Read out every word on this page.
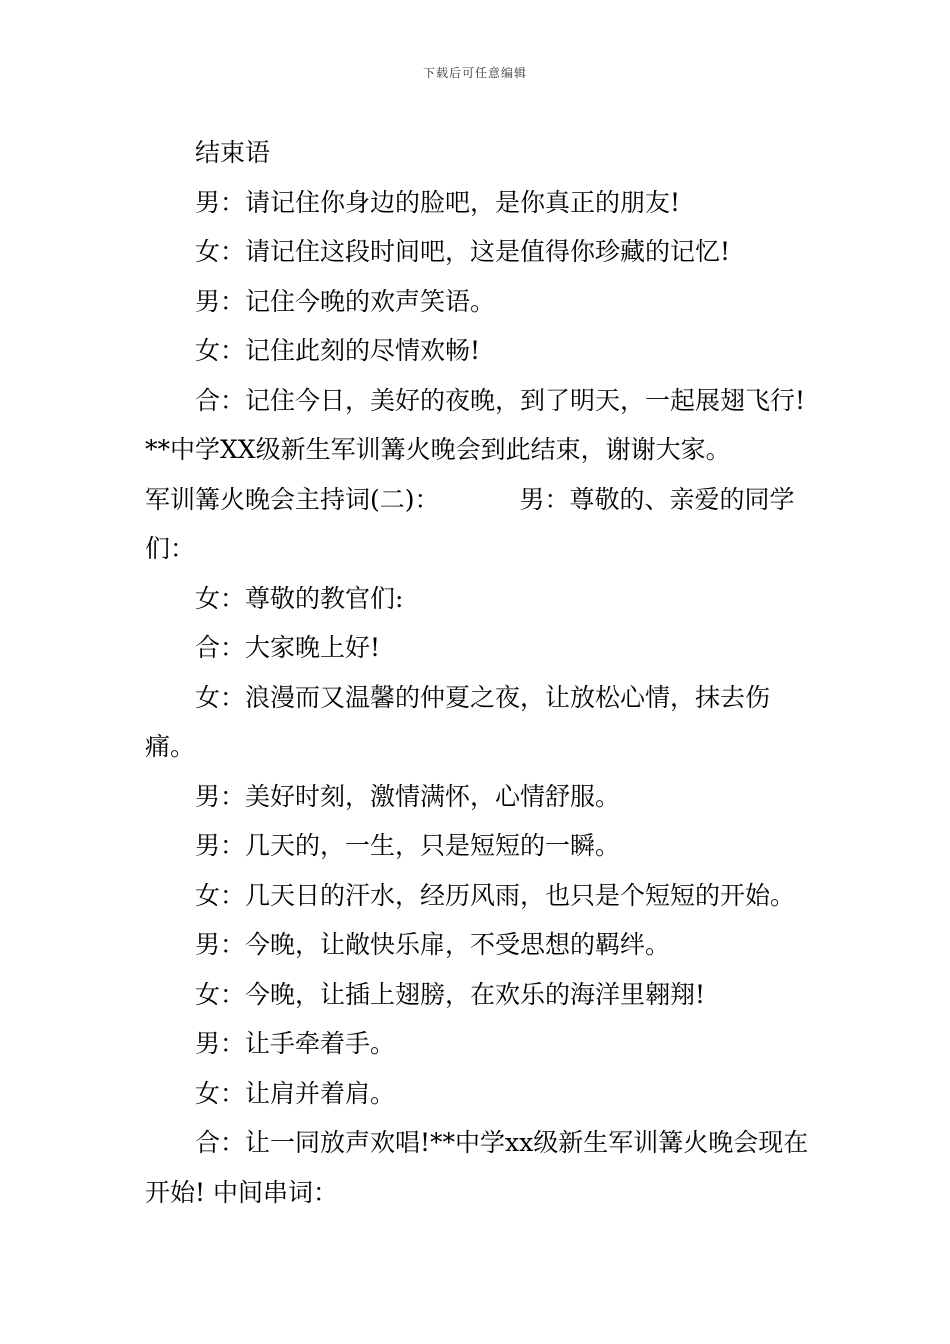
下载后可任意编辑

结束语

男：请记住你身边的脸吧，是你真正的朋友!

女：请记住这段时间吧，这是值得你珍藏的记忆!

男：记住今晚的欢声笑语。

女：记住此刻的尽情欢畅!

合：记住今日，美好的夜晚，到了明天，一起展翅飞行!**中学XX级新生军训篝火晚会到此结束，谢谢大家。

军训篝火晚会主持词(二)：	男：尊敬的、亲爱的同学们：

女：尊敬的教官们:

合：大家晚上好!

女：浪漫而又温馨的仲夏之夜，让放松心情，抹去伤痛。

男：美好时刻，激情满怀，心情舒服。

男：几天的，一生，只是短短的一瞬。

女：几天日的汗水，经历风雨，也只是个短短的开始。

男：今晚，让敞快乐扉，不受思想的羁绊。

女：今晚，让插上翅膀，在欢乐的海洋里翱翔!

男：让手牵着手。

女：让肩并着肩。

合：让一同放声欢唱!**中学xx级新生军训篝火晚会现在开始! 中间串词：
